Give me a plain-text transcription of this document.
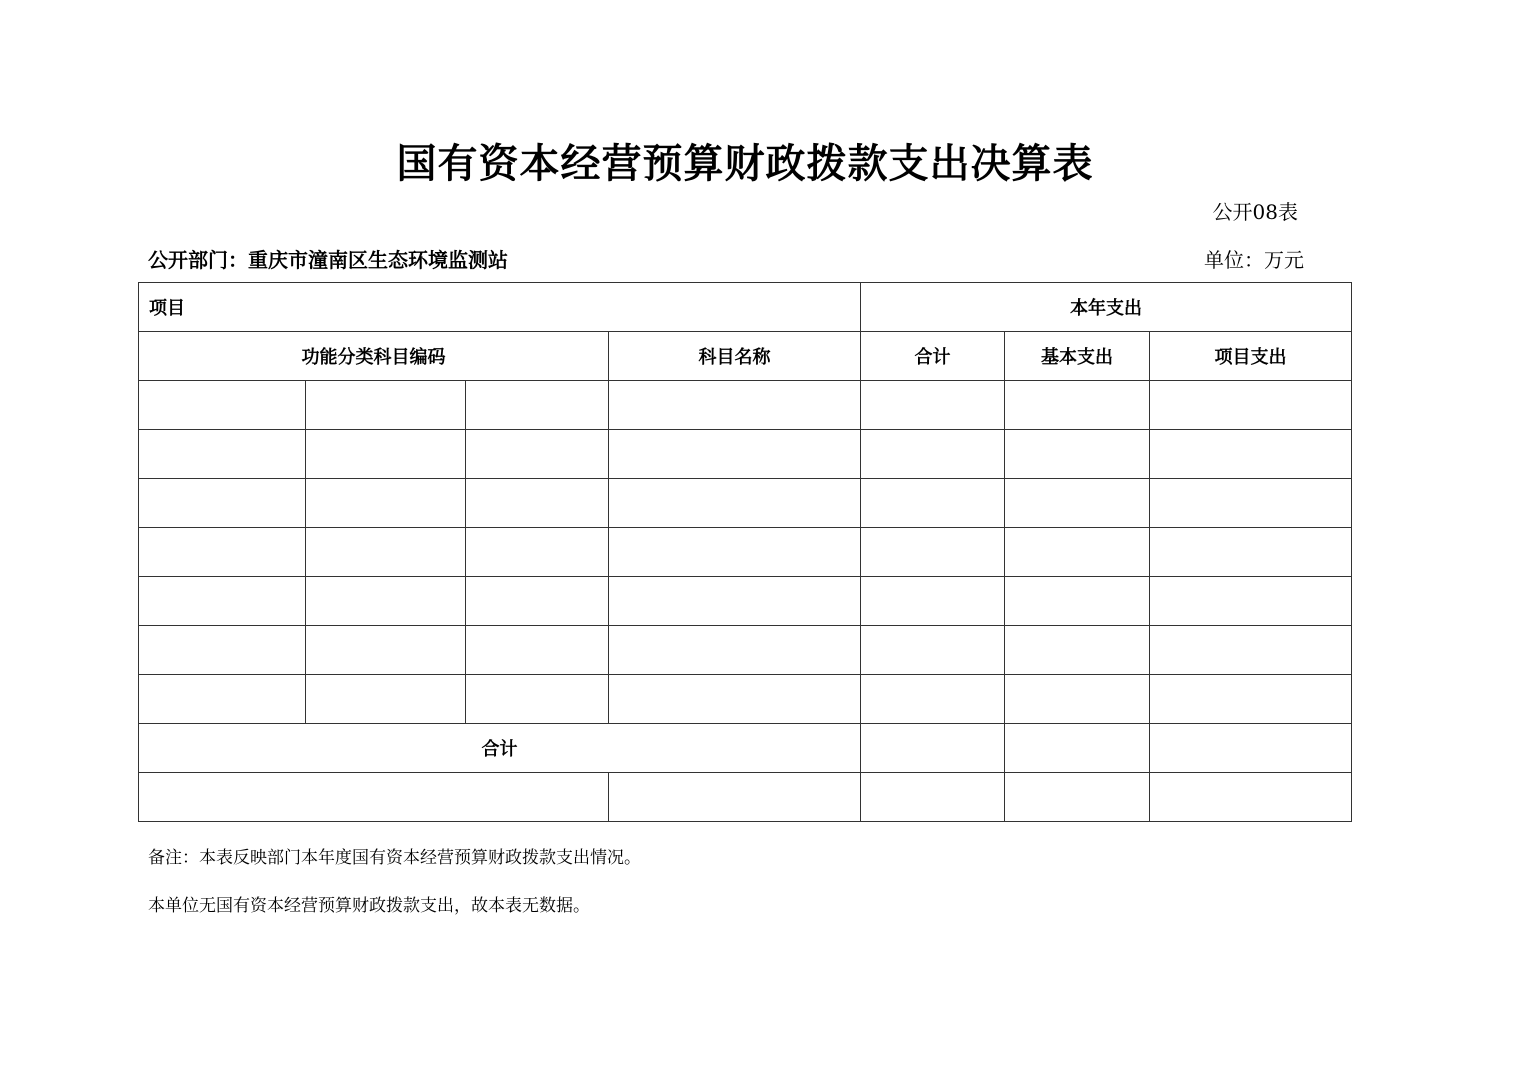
国有资本经营预算财政拨款支出决算表
公开08表
公开部门：重庆市潼南区生态环境监测站	单位：万元
项目				本年支出		
功能分类科目编码			科目名称	合计	基本支出	项目支出

合计						

备注：本表反映部门本年度国有资本经营预算财政拨款支出情况。
本单位无国有资本经营预算财政拨款支出，故本表无数据。
